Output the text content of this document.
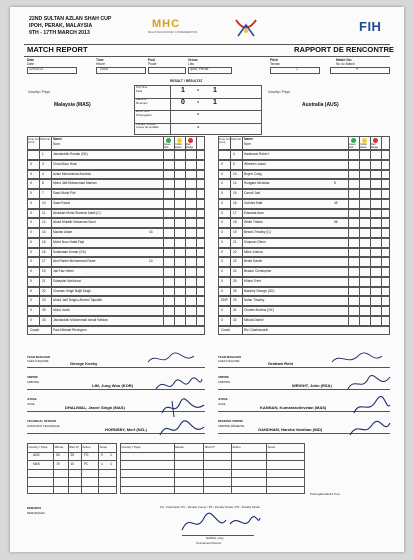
22ND SULTAN AZLAN SHAH CUP
IPOH, PERAK, MALAYSIA
9TH - 17TH MARCH 2013
MHC
MALAYSIAN HOCKEY CONFEDERATION	FIH
MATCH REPORT	RAPPORT DE RENCONTRE
Date
Date
12/03/13
Time
Heure
2000
Pool
Poule
Venue
Lieu
Ipoh, Perak
Pitch
Terrain
1
Match No:
No du Match
9
RESULT / RÉSULTAT
Full Time
Final	1 - 1
Halftime
Mi-temps	0 - 1
Extra Time
Prolongation	-
Penalty Strokes
Coups de pénalité	-
Country / Pays
Malaysia (MAS)
Country / Pays
Australia (AUS)
Time On (min)
Shirt No Name
Nom	Green
Vert
Yellow
Jaune
Red
Rouge
1	Jamaluddin Roslan (GK)
X	3	Chua Boon Huat
X	4	Azlan Muhammad Azonnia
X	6	Mohd Jalil Muhammad Marhan
X	7	Saari Mohd Fitri
X	10 Saari Faizal
X	11 Abdullah Mohd Shahrun Nabil (C)
X	12 Abdul Mutalib Mohamad Sukri
X	14 Mazlan Adam	43
X	15 Mohd Noor Halat Fiqri
X	16 Sulaimaan Kumar (GK)
X	17 Abd Rahim Muhammad Razie	10
X	19 Jali Faiz Helmi
X	21 Sukepdin Norhizzat
X	22 Chaman Singh Baljit Singh
X	23 Abdul Jalil Tengku Ahmed Tajuddin
X	26 Mohd Joela
X	30 Jamaluddin Muhammad Ismail Hafizan
Coach	Paul Michael Revington
Time On (min)
Shirt No Name
Nom	Green
Vert
Yellow
Jaune
Red
Rouge
4	Hastwood Robert
X	5	Wheelen Jason
X	13 Boyne Craig
X	14 Rudgard Nicholas	8
X	15 Carroll Joel
X	16 Gohdes Matt	45
X	17 Edwards Aran
X	18 White Tristan	56
X	19 Beavis Timothy (C)
X	21 Simpson Glenn
X	22 Miles Joshua
X	23 Beale Daniel
X	24 Beaton Christopher
X	25 Hillam Trent
X	26 Bazeley George (GK)
DNP 29 Nolan Timothy
X	31 Charter Andrew (GK)
X	32 Mitoda Daniel
Coach	Ric Charlesworth
TEAM MANAGER
CHEF D'EQUIPE	George Koshy
TEAM MANAGER
CHEF D'EQUIPE	Graham Reid
UMPIRE
ARBITRE
LIM, Jung Woo (KOR)
UMPIRE
ARBITRE
WRIGHT, John (RSA)
JUDGE
JUGE
DHALIWAL, Jasvir Singh (MAS)
JUDGE
JUGE
KANNAN, Kumarasvilevelan (MAS)
TECHNICAL OFFICER
ASSISTANT TECHNIQUE
HORNSBY, Merf (NZL)
RESERVE UMPIRE
ARBITRE RÉSERVE
GANDHAM, Harsha Vardhan (IND)
Country / Pays Minute Shot N° Action	Score
AUS	54	25	FG	0 1
MAS	70	10	PC	1 1
Country / Pays	Minute	Shot N°	Action	Score
Prolongation/Extra Time
FG - Field Goal / PC - Penalty Corner / PS - Penalty Stroke / PS - Penalty Stroke
REMARKS
REMARQUES
MARSH, Gary
Tournament Director
